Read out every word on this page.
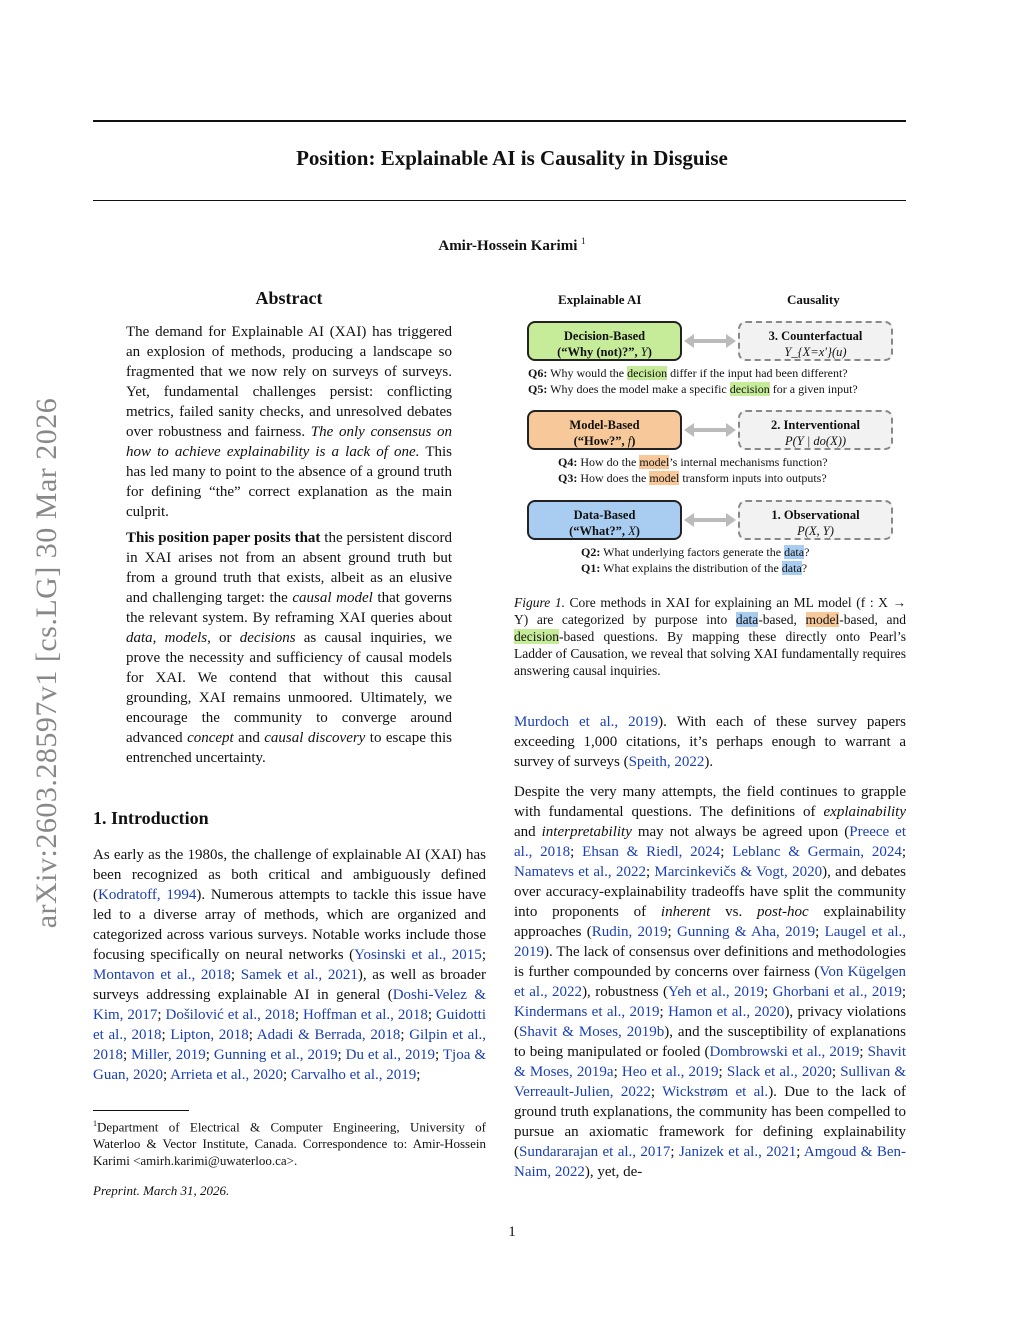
Position: Explainable AI is Causality in Disguise
Amir-Hossein Karimi $^1$
arXiv:2603.28597v1 [cs.LG] 30 Mar 2026
Abstract

The demand for Explainable AI (XAI) has triggered an explosion of methods, producing a landscape so fragmented that we now rely on surveys of surveys. Yet, fundamental challenges persist: conflicting metrics, failed sanity checks, and unresolved debates over robustness and fairness. The only consensus on how to achieve explainability is a lack of one. This has led many to point to the absence of a ground truth for defining “the” correct explanation as the main culprit.

This position paper posits that the persistent discord in XAI arises not from an absent ground truth but from a ground truth that exists, albeit as an elusive and challenging target: the causal model that governs the relevant system. By reframing XAI queries about data, models, or decisions as causal inquiries, we prove the necessity and sufficiency of causal models for XAI. We contend that without this causal grounding, XAI remains unmoored. Ultimately, we encourage the community to converge around advanced concept and causal discovery to escape this entrenched uncertainty.

1. Introduction

As early as the 1980s, the challenge of explainable AI (XAI) has been recognized as both critical and ambiguously defined (Kodratoff, 1994). Numerous attempts to tackle this issue have led to a diverse array of methods, which are organized and categorized across various surveys. Notable works include those focusing specifically on neural networks (Yosinski et al., 2015; Montavon et al., 2018; Samek et al., 2021), as well as broader surveys addressing explainable AI in general (Doshi-Velez & Kim, 2017; Došilović et al., 2018; Hoffman et al., 2018; Guidotti et al., 2018; Lipton, 2018; Adadi & Berrada, 2018; Gilpin et al., 2018; Miller, 2019; Gunning et al., 2019; Du et al., 2019; Tjoa & Guan, 2020; Arrieta et al., 2020; Carvalho et al., 2019;

$^1$Department of Electrical & Computer Engineering, University of Waterloo & Vector Institute, Canada. Correspondence to: Amir-Hossein Karimi <amirh.karimi@uwaterloo.ca>.
Preprint. March 31, 2026.
Explainable AI	Causality
Decision-Based
(“Why (not)?”, Y)
3. Counterfactual
Y_{X=x′}(u)
Q6: Why would the decision differ if the input had been different?
Q5: Why does the model make a specific decision for a given input?
Model-Based
(“How?”, f)
2. Interventional
P(Y | do(X))
Q4: How do the model’s internal mechanisms function?
Q3: How does the model transform inputs into outputs?
Data-Based
(“What?”, X)
1. Observational
P(X, Y)
Q2: What underlying factors generate the data?
Q1: What explains the distribution of the data?
Figure 1. Core methods in XAI for explaining an ML model (f : X → Y) are categorized by purpose into data-based, model-based, and decision-based questions. By mapping these directly onto Pearl’s Ladder of Causation, we reveal that solving XAI fundamentally requires answering causal inquiries.

Murdoch et al., 2019). With each of these survey papers exceeding 1,000 citations, it’s perhaps enough to warrant a survey of surveys (Speith, 2022).

Despite the very many attempts, the field continues to grapple with fundamental questions. The definitions of explainability and interpretability may not always be agreed upon (Preece et al., 2018; Ehsan & Riedl, 2024; Leblanc & Germain, 2024; Namatevs et al., 2022; Marcinkevičs & Vogt, 2020), and debates over accuracy-explainability tradeoffs have split the community into proponents of inherent vs. post-hoc explainability approaches (Rudin, 2019; Gunning & Aha, 2019; Laugel et al., 2019). The lack of consensus over definitions and methodologies is further compounded by concerns over fairness (Von Kügelgen et al., 2022), robustness (Yeh et al., 2019; Ghorbani et al., 2019; Kindermans et al., 2019; Hamon et al., 2020), privacy violations (Shavit & Moses, 2019b), and the susceptibility of explanations to being manipulated or fooled (Dombrowski et al., 2019; Shavit & Moses, 2019a; Heo et al., 2019; Slack et al., 2020; Sullivan & Verreault-Julien, 2022; Wickstrøm et al.). Due to the lack of ground truth explanations, the community has been compelled to pursue an axiomatic framework for defining explainability (Sundararajan et al., 2017; Janizek et al., 2021; Amgoud & Ben-Naim, 2022), yet, de-

1
